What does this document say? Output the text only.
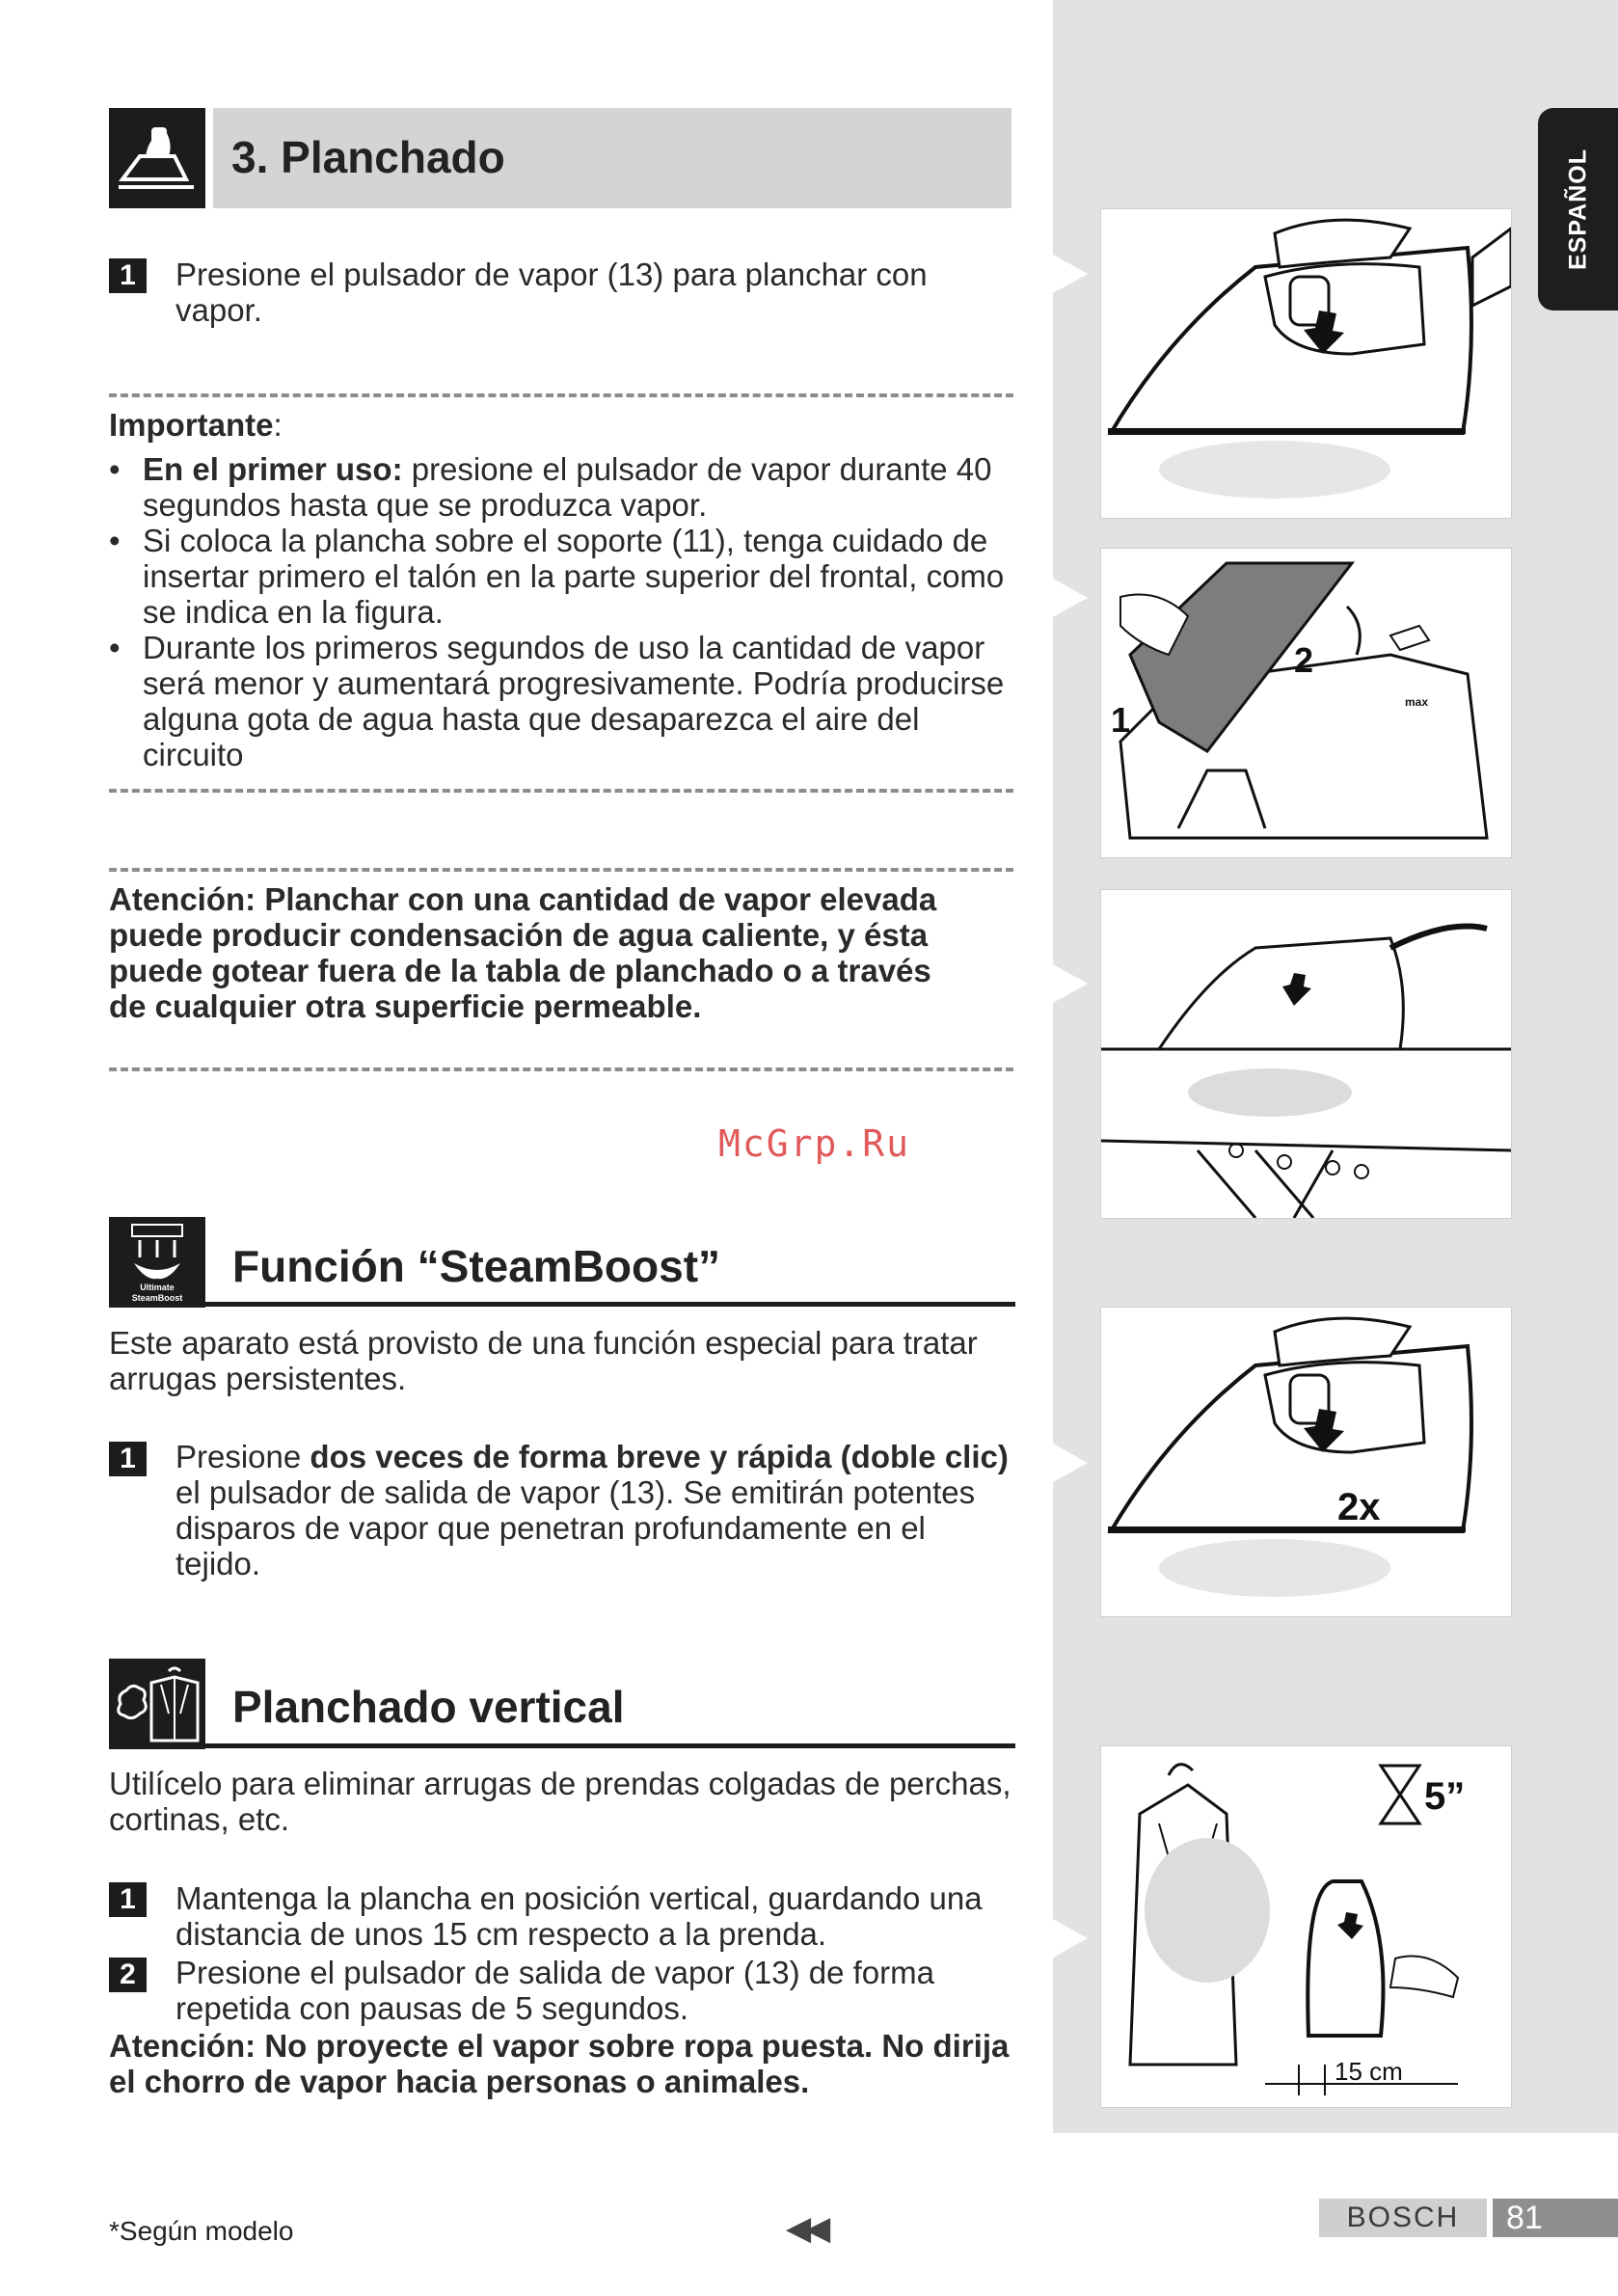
ESPAÑOL
3. Planchado
1	Presione el pulsador de vapor (13) para planchar con vapor.
Importante:
• En el primer uso: presione el pulsador de vapor durante 40 segundos hasta que se produzca vapor.
• Si coloca la plancha sobre el soporte (11), tenga cuidado de insertar primero el talón en la parte superior del frontal, como se indica en la figura.
• Durante los primeros segundos de uso la cantidad de vapor será menor y aumentará progresivamente. Podría producirse alguna gota de agua hasta que desaparezca el aire del circuito
Atención: Planchar con una cantidad de vapor elevada puede producir condensación de agua caliente, y ésta puede gotear fuera de la tabla de planchado o a través de cualquier otra superficie permeable.
McGrp.Ru
Ultimate
SteamBoost
Función “SteamBoost”
Este aparato está provisto de una función especial para tratar arrugas persistentes.
1	Presione dos veces de forma breve y rápida (doble clic) el pulsador de salida de vapor (13). Se emitirán potentes disparos de vapor que penetran profundamente en el tejido.
Planchado vertical
Utilícelo para eliminar arrugas de prendas colgadas de perchas, cortinas, etc.
1	Mantenga la plancha en posición vertical, guardando una distancia de unos 15 cm respecto a la prenda.
2	Presione el pulsador de salida de vapor (13) de forma repetida con pausas de 5 segundos.
Atención: No proyecte el vapor sobre ropa puesta. No dirija el chorro de vapor hacia personas o animales.
2
1	max
2x
5”
15 cm
*Según modelo	◀◀	BOSCH	81
